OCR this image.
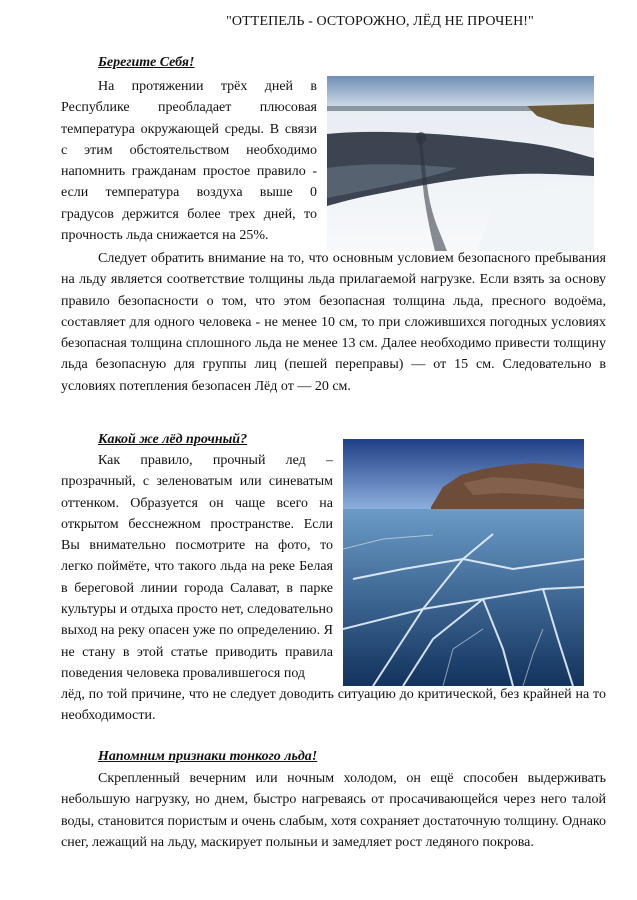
"ОТТЕПЕЛЬ - ОСТОРОЖНО, ЛЁД НЕ ПРОЧЕН!"
Берегите Себя!

На протяжении трёх дней в Республике преобладает плюсовая температура окружающей среды. В связи с этим обстоятельством необходимо напомнить гражданам простое правило - если температура воздуха выше 0 градусов держится более трех дней, то прочность льда снижается на 25%.

Следует обратить внимание на то, что основным условием безопасного пребывания на льду является соответствие толщины льда прилагаемой нагрузке. Если взять за основу правило безопасности о том, что этом безопасная толщина льда, пресного водоёма, составляет для одного человека - не менее 10 см, то при сложившихся погодных условиях безопасная толщина сплошного льда не менее 13 см. Далее необходимо привести толщину льда безопасную для группы лиц (пешей переправы) — от 15 см. Следовательно в условиях потепления безопасен Лёд от — 20 см.

Какой же лёд прочный?

Как правило, прочный лед – прозрачный, с зеленоватым или синеватым оттенком. Образуется он чаще всего на открытом бесснежном пространстве. Если Вы внимательно посмотрите на фото, то легко поймёте, что такого льда на реке Белая в береговой линии города Салават, в парке культуры и отдыха просто нет, следовательно выход на реку опасен уже по определению. Я не стану в этой статье приводить правила поведения человека провалившегося под

лёд, по той причине, что не следует доводить ситуацию до критической, без крайней на то необходимости.

Напомним признаки тонкого льда!

Скрепленный вечерним или ночным холодом, он ещё способен выдерживать небольшую нагрузку, но днем, быстро нагреваясь от просачивающейся через него талой воды, становится пористым и очень слабым, хотя сохраняет достаточную толщину. Однако снег, лежащий на льду, маскирует полыньи и замедляет рост ледяного покрова.
